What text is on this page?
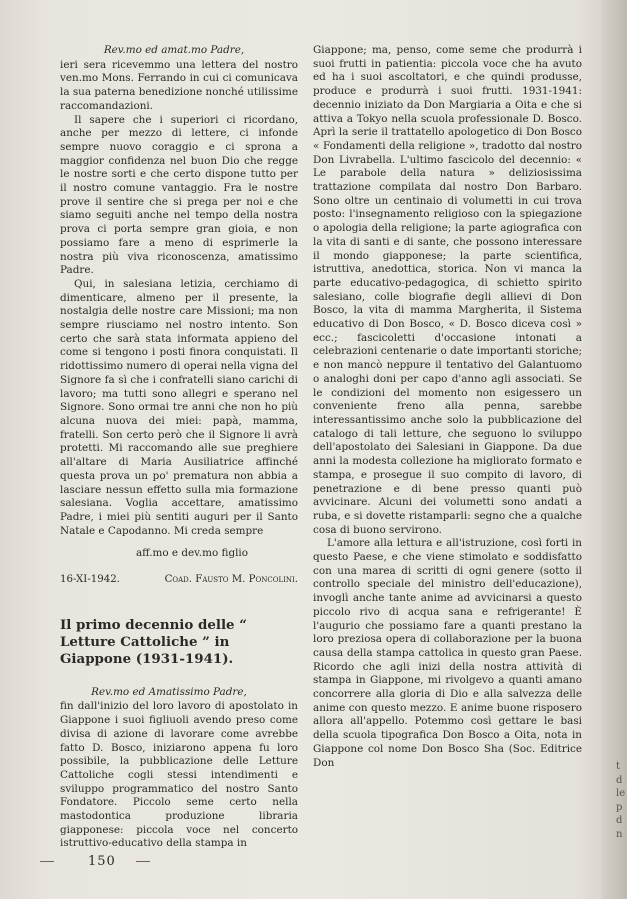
Rev.mo ed amat.mo Padre,

ieri sera ricevemmo una lettera del nostro ven.mo Mons. Ferrando in cui ci comunicava la sua paterna benedizione nonché utilissime raccomandazioni.

Il sapere che i superiori ci ricordano, anche per mezzo di lettere, ci infonde sempre nuovo coraggio e ci sprona a maggior confidenza nel buon Dio che regge le nostre sorti e che certo dispone tutto per il nostro comune vantaggio. Fra le nostre prove il sentire che si prega per noi e che siamo seguiti anche nel tempo della nostra prova ci porta sempre gran gioia, e non possiamo fare a meno di esprimerle la nostra più viva riconoscenza, amatissimo Padre.

Qui, in salesiana letizia, cerchiamo di dimenticare, almeno per il presente, la nostalgia delle nostre care Missioni; ma non sempre riusciamo nel nostro intento. Son certo che sarà stata informata appieno del come si tengono i posti finora conquistati. Il ridottissimo numero di operai nella vigna del Signore fa sì che i confratelli siano carichi di lavoro; ma tutti sono allegri e sperano nel Signore. Sono ormai tre anni che non ho più alcuna nuova dei miei: papà, mamma, fratelli. Son certo però che il Signore li avrà protetti. Mi raccomando alle sue preghiere all'altare di Maria Ausiliatrice affinché questa prova un po' prematura non abbia a lasciare nessun effetto sulla mia formazione salesiana. Voglia accettare, amatissimo Padre, i miei più sentiti auguri per il Santo Natale e Capodanno. Mi creda sempre

aff.mo e dev.mo figlio

16-XI-1942.	Coad. Fausto M. Poncolini.

Il primo decennio delle “ Letture Cattoliche ” in Giappone (1931-1941).

Rev.mo ed Amatissimo Padre,

fin dall'inizio del loro lavoro di apostolato in Giappone i suoi figliuoli avendo preso come divisa di azione di lavorare come avrebbe fatto D. Bosco, iniziarono appena fu loro possibile, la pubblicazione delle Letture Cattoliche cogli stessi intendimenti e sviluppo programmatico del nostro Santo Fondatore. Piccolo seme certo nella mastodontica produzione libraria giapponese: piccola voce nel concerto istruttivo-educativo della stampa in

Giappone; ma, penso, come seme che produrrà i suoi frutti in patientia: piccola voce che ha avuto ed ha i suoi ascoltatori, e che quindi produsse, produce e produrrà i suoi frutti. 1931-1941: decennio iniziato da Don Margiaria a Oita e che si attiva a Tokyo nella scuola professionale D. Bosco. Aprì la serie il trattatello apologetico di Don Bosco « Fondamenti della religione », tradotto dal nostro Don Livrabella. L'ultimo fascicolo del decennio: « Le parabole della natura » deliziosissima trattazione compilata dal nostro Don Barbaro. Sono oltre un centinaio di volumetti in cui trova posto: l'insegnamento religioso con la spiegazione o apologia della religione; la parte agiografica con la vita di santi e di sante, che possono interessare il mondo giapponese; la parte scientifica, istruttiva, anedottica, storica. Non vi manca la parte educativo-pedagogica, di schietto spirito salesiano, colle biografie degli allievi di Don Bosco, la vita di mamma Margherita, il Sistema educativo di Don Bosco, « D. Bosco diceva così » ecc.; fascicoletti d'occasione intonati a celebrazioni centenarie o date importanti storiche; e non mancò neppure il tentativo del Galantuomo o analoghi doni per capo d'anno agli associati. Se le condizioni del momento non esigessero un conveniente freno alla penna, sarebbe interessantissimo anche solo la pubblicazione del catalogo di tali letture, che seguono lo sviluppo dell'apostolato dei Salesiani in Giappone. Da due anni la modesta collezione ha migliorato formato e stampa, e prosegue il suo compito di lavoro, di penetrazione e di bene presso quanti può avvicinare. Alcuni dei volumetti sono andati a ruba, e si dovette ristamparli: segno che a qualche cosa di buono servirono.

L'amore alla lettura e all'istruzione, così forti in questo Paese, e che viene stimolato e soddisfatto con una marea di scritti di ogni genere (sotto il controllo speciale del ministro dell'educazione), invoglì anche tante anime ad avvicinarsi a questo piccolo rivo di acqua sana e refrigerante! È l'augurio che possiamo fare a quanti prestano la loro preziosa opera di collaborazione per la buona causa della stampa cattolica in questo gran Paese. Ricordo che agli inizi della nostra attività di stampa in Giappone, mi rivolgevo a quanti amano concorrere alla gloria di Dio e alla salvezza delle anime con questo mezzo. E anime buone risposero allora all'appello. Potemmo così gettare le basi della scuola tipografica Don Bosco a Oita, nota in Giappone col nome Don Bosco Sha (Soc. Editrice Don

150
t
d
le
p
d
n
